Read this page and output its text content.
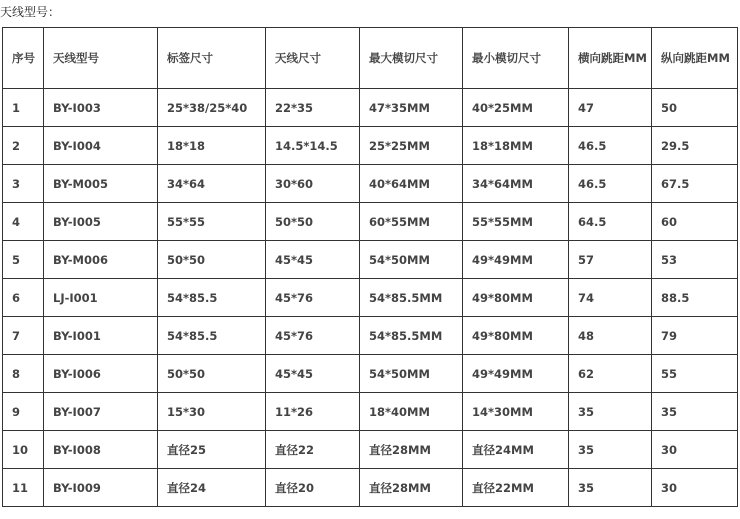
天线型号：
序号	天线型号	标签尺寸	天线尺寸	最大模切尺寸	最小模切尺寸	横向跳距MM	纵向跳距MM
1	BY-I003	25*38/25*40	22*35	47*35MM	40*25MM	47	50
2	BY-I004	18*18	14.5*14.5	25*25MM	18*18MM	46.5	29.5
3	BY-M005	34*64	30*60	40*64MM	34*64MM	46.5	67.5
4	BY-I005	55*55	50*50	60*55MM	55*55MM	64.5	60
5	BY-M006	50*50	45*45	54*50MM	49*49MM	57	53
6	LJ-I001	54*85.5	45*76	54*85.5MM	49*80MM	74	88.5
7	BY-I001	54*85.5	45*76	54*85.5MM	49*80MM	48	79
8	BY-I006	50*50	45*45	54*50MM	49*49MM	62	55
9	BY-I007	15*30	11*26	18*40MM	14*30MM	35	35
10	BY-I008	直径25	直径22	直径28MM	直径24MM	35	30
11	BY-I009	直径24	直径20	直径28MM	直径22MM	35	30
